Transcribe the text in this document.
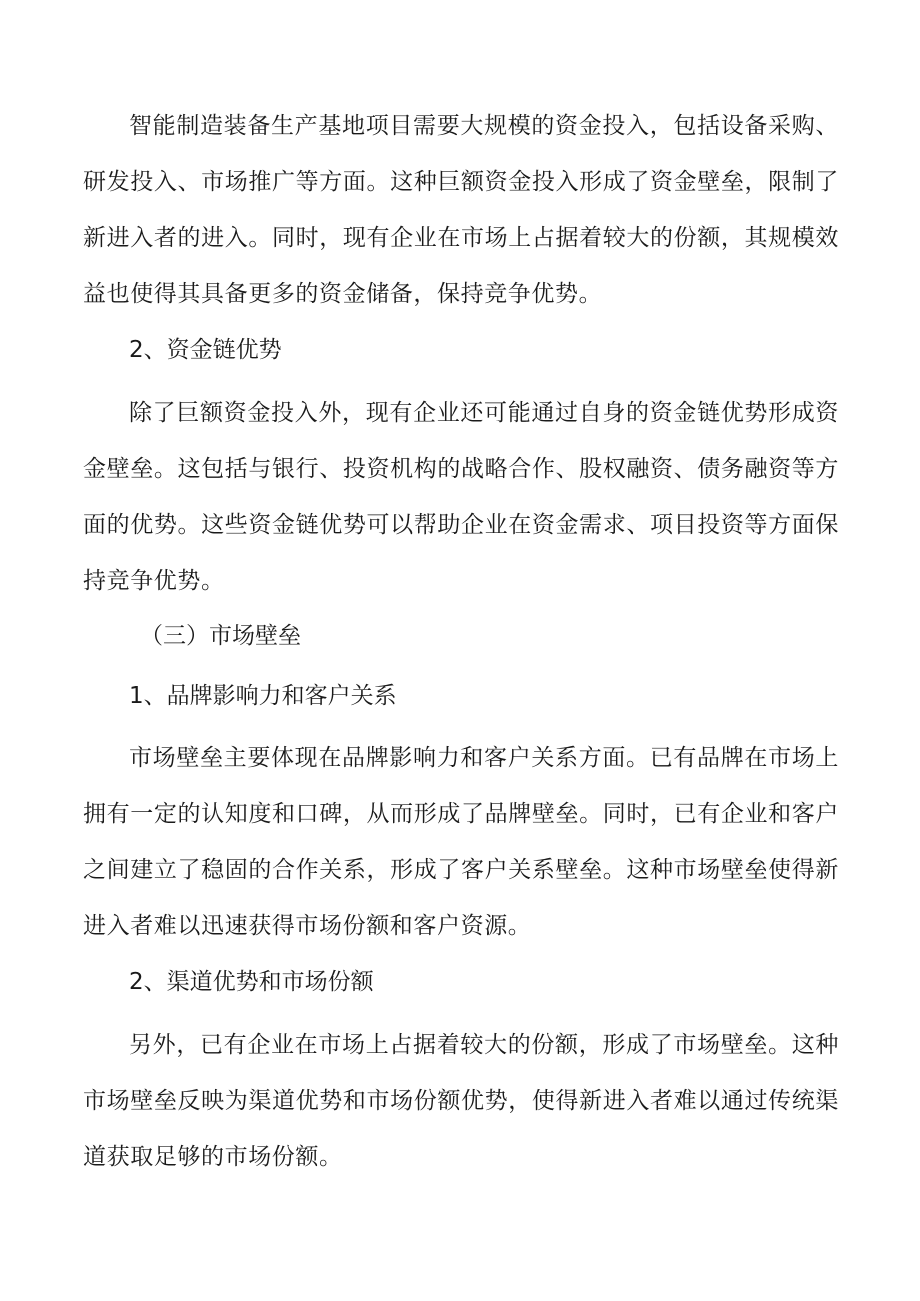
智能制造装备生产基地项目需要大规模的资金投入，包括设备采购、研发投入、市场推广等方面。这种巨额资金投入形成了资金壁垒，限制了新进入者的进入。同时，现有企业在市场上占据着较大的份额，其规模效益也使得其具备更多的资金储备，保持竞争优势。

2、资金链优势

除了巨额资金投入外，现有企业还可能通过自身的资金链优势形成资金壁垒。这包括与银行、投资机构的战略合作、股权融资、债务融资等方面的优势。这些资金链优势可以帮助企业在资金需求、项目投资等方面保持竞争优势。

（三）市场壁垒
1、品牌影响力和客户关系

市场壁垒主要体现在品牌影响力和客户关系方面。已有品牌在市场上拥有一定的认知度和口碑，从而形成了品牌壁垒。同时，已有企业和客户之间建立了稳固的合作关系，形成了客户关系壁垒。这种市场壁垒使得新进入者难以迅速获得市场份额和客户资源。

2、渠道优势和市场份额

另外，已有企业在市场上占据着较大的份额，形成了市场壁垒。这种市场壁垒反映为渠道优势和市场份额优势，使得新进入者难以通过传统渠道获取足够的市场份额。
